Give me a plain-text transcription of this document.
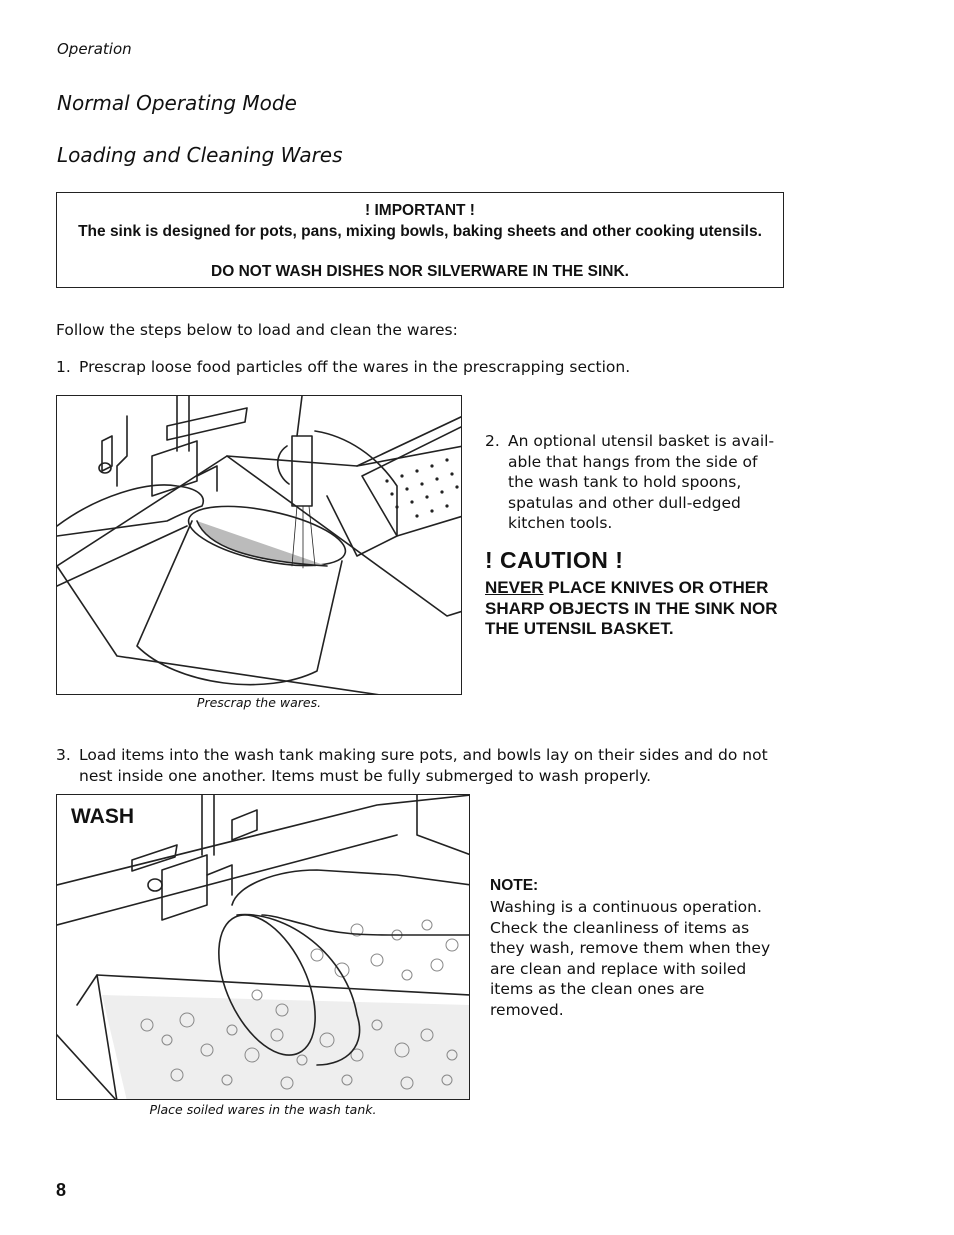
Operation
Normal Operating Mode
Loading and Cleaning Wares
! IMPORTANT !
The sink is designed for pots, pans, mixing bowls, baking sheets and other cooking utensils.
DO NOT WASH DISHES NOR SILVERWARE IN THE SINK.
Follow the steps below to load and clean the wares:
1. Prescrap loose food particles off the wares in the prescrapping section.
Prescrap the wares.
2. An optional utensil basket is avail-able that hangs from the side of the wash tank to hold spoons, spatulas and other dull-edged kitchen tools.
! CAUTION !
NEVER PLACE KNIVES OR OTHER SHARP OBJECTS IN THE SINK NOR THE UTENSIL BASKET.
3. Load items into the wash tank making sure pots, and bowls lay on their sides and do not nest inside one another. Items must be fully submerged to wash properly.
WASH
Place soiled wares in the wash tank.
NOTE:
Washing is a continuous operation. Check the cleanliness of items as they wash, remove them when they are clean and replace with soiled items as the clean ones are removed.
8
